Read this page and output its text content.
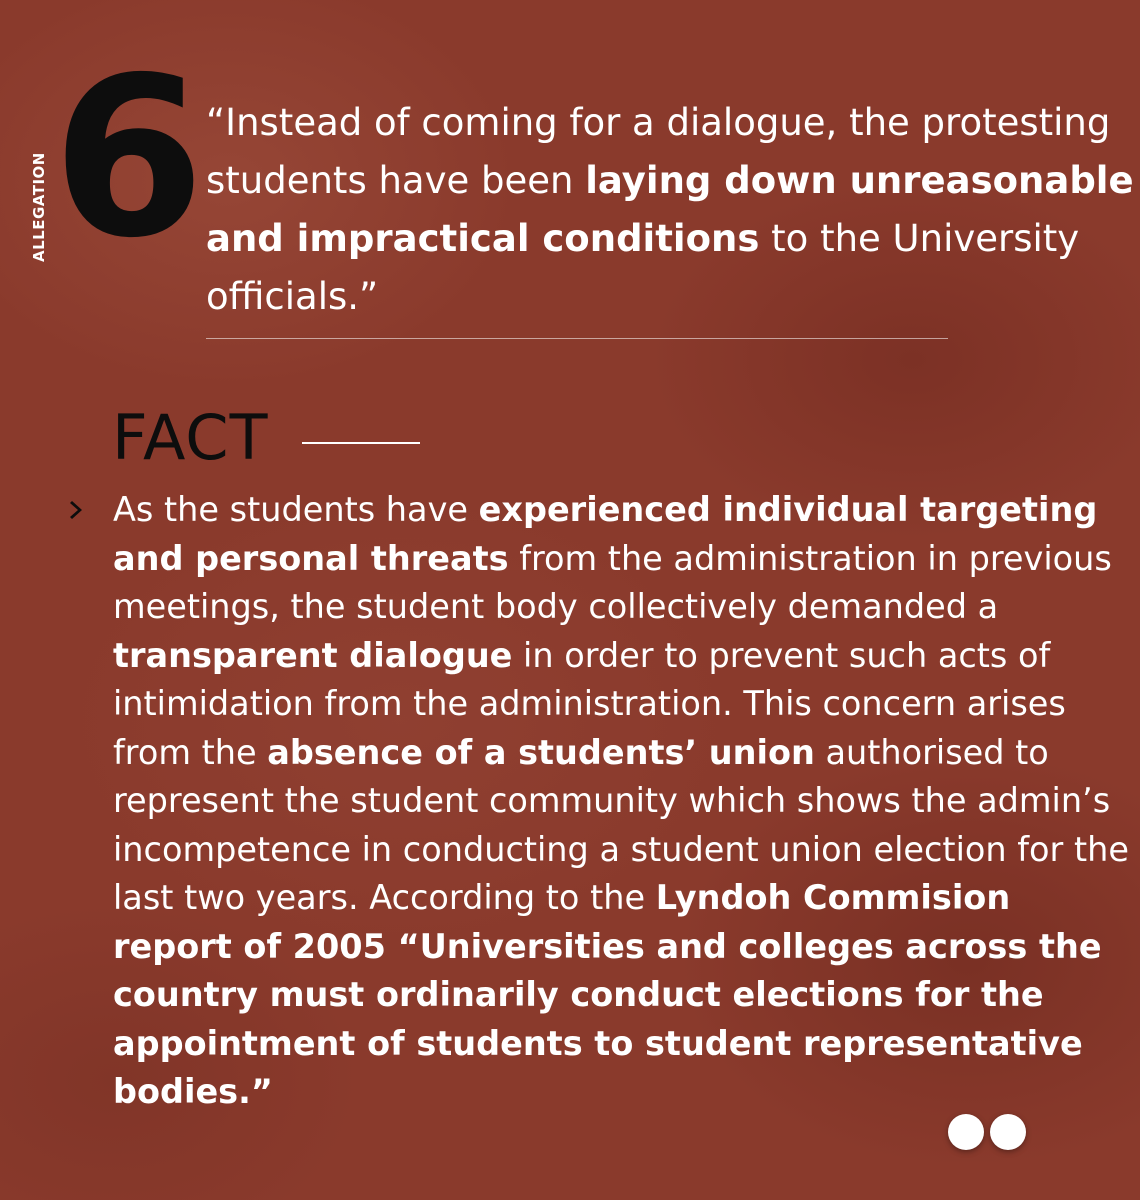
ALLEGATION 6 “Instead of coming for a dialogue, the protesting students have been laying down unreasonable and impractical conditions to the University officials.”

FACT

As the students have experienced individual targeting and personal threats from the administration in previous meetings, the student body collectively demanded a transparent dialogue in order to prevent such acts of intimidation from the administration. This concern arises from the absence of a students’ union authorised to represent the student community which shows the admin’s incompetence in conducting a student union election for the last two years. According to the Lyndoh Commision report of 2005 “Universities and colleges across the country must ordinarily conduct elections for the appointment of students to student representative bodies.”
